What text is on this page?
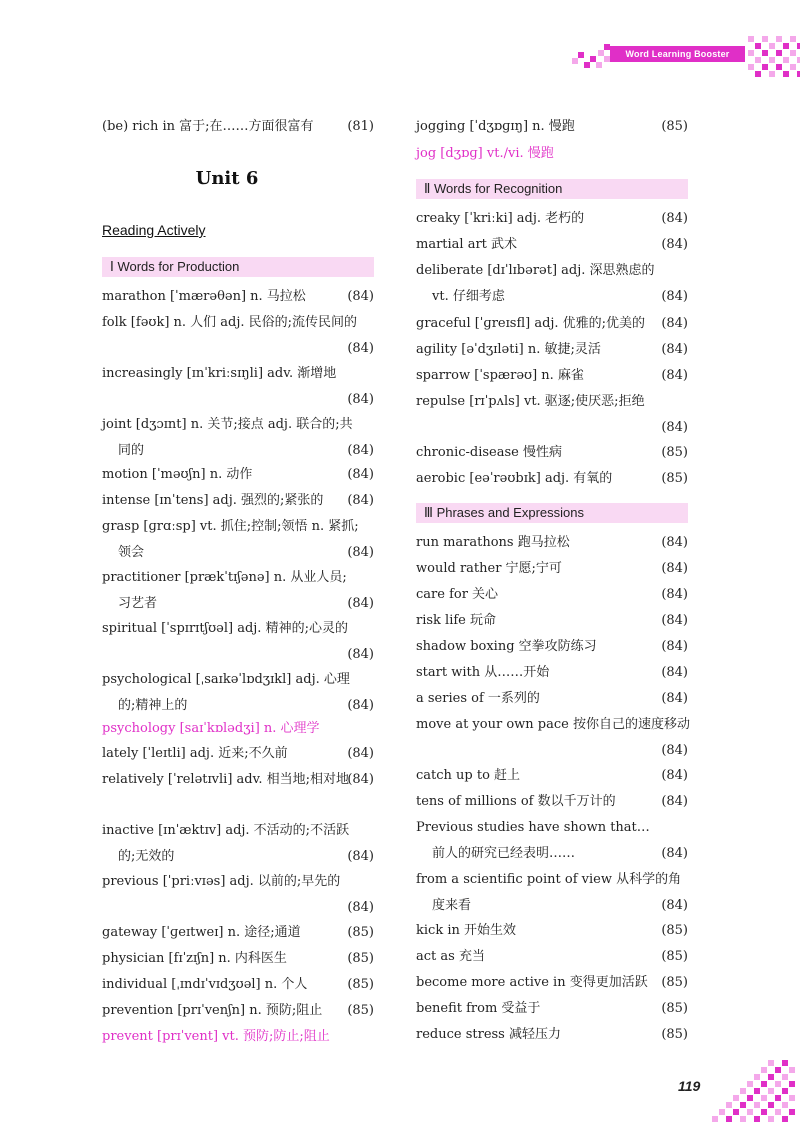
Word Learning Booster
(be) rich in 富于;在……方面很富有	(81)
Unit 6
Reading Actively
Ⅰ Words for Production
marathon [ˈmærəθən] n. 马拉松	(84)
folk [fəʊk] n. 人们 adj. 民俗的;流传民间的
(84)
increasingly [ɪnˈkriːsɪŋli] adv. 渐增地
(84)
joint [dʒɔɪnt] n. 关节;接点 adj. 联合的;共
同的	(84)
motion [ˈməʊʃn] n. 动作	(84)
intense [ɪnˈtens] adj. 强烈的;紧张的 (84)
grasp [ɡrɑːsp] vt. 抓住;控制;领悟 n. 紧抓;
领会	(84)
practitioner [prækˈtɪʃənə] n. 从业人员;
习艺者	(84)
spiritual [ˈspɪrɪtʃʊəl] adj. 精神的;心灵的
(84)
psychological [ˌsaɪkəˈlɒdʒɪkl] adj. 心理
的;精神上的	(84)
psychology [saɪˈkɒlədʒi] n. 心理学
lately [ˈleɪtli] adj. 近来;不久前	(84)
relatively [ˈrelətɪvli] adv. 相当地;相对地
(84)
inactive [ɪnˈæktɪv] adj. 不活动的;不活跃
的;无效的	(84)
previous [ˈpriːvɪəs] adj. 以前的;早先的
(84)
gateway [ˈɡeɪtweɪ] n. 途径;通道	(85)
physician [fɪˈzɪʃn] n. 内科医生	(85)
individual [ˌɪndɪˈvɪdʒʊəl] n. 个人	(85)
prevention [prɪˈvenʃn] n. 预防;阻止 (85)
prevent [prɪˈvent] vt. 预防;防止;阻止
jogging [ˈdʒɒɡɪŋ] n. 慢跑	(85)
jog [dʒɒɡ] vt./vi. 慢跑
Ⅱ Words for Recognition
creaky [ˈkriːki] adj. 老朽的	(84)
martial art 武术	(84)
deliberate [dɪˈlɪbərət] adj. 深思熟虑的
vt. 仔细考虑	(84)
graceful [ˈɡreɪsfl] adj. 优雅的;优美的 (84)
agility [əˈdʒɪləti] n. 敏捷;灵活	(84)
sparrow [ˈspærəʊ] n. 麻雀	(84)
repulse [rɪˈpʌls] vt. 驱逐;使厌恶;拒绝
(84)
chronic-disease 慢性病	(85)
aerobic [eəˈrəʊbɪk] adj. 有氧的	(85)
Ⅲ Phrases and Expressions
run marathons 跑马拉松	(84)
would rather 宁愿;宁可	(84)
care for 关心	(84)
risk life 玩命	(84)
shadow boxing 空拳攻防练习	(84)
start with 从……开始	(84)
a series of 一系列的	(84)
move at your own pace 按你自己的速度移动
(84)
catch up to 赶上	(84)
tens of millions of 数以千万计的	(84)
Previous studies have shown that…
前人的研究已经表明……	(84)
from a scientific point of view 从科学的角
度来看	(84)
kick in 开始生效	(85)
act as 充当	(85)
become more active in 变得更加活跃 (85)
benefit from 受益于	(85)
reduce stress 减轻压力	(85)
119
